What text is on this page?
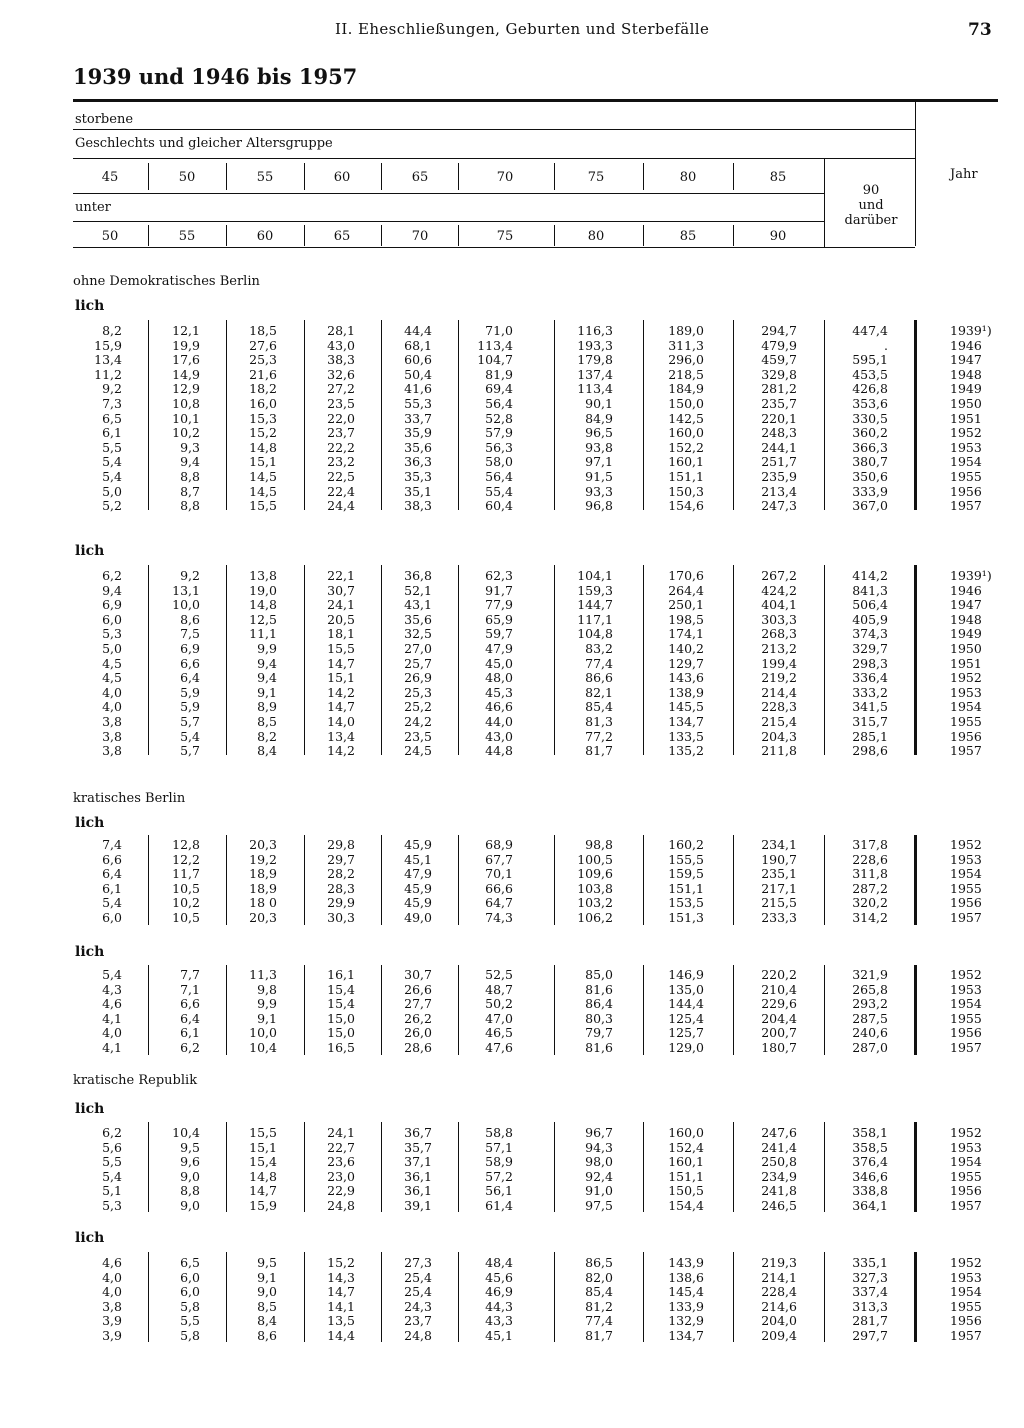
II. Eheschließungen, Geburten und Sterbefälle	73
1939 und 1946 bis 1957
storbene
Geschlechts und gleicher Altersgruppe
45	50	55	60	65	70	75	80	85
unter
50	55	60	65	70	75	80	85	90
90
und
darüber
Jahr
ohne Demokratisches Berlin
lich
8,2	12,1	18,5	28,1	44,4	71,0	116,3	189,0	294,7	447,4	1939¹)
15,9	19,9	27,6	43,0	68,1	113,4	193,3	311,3	479,9	.	1946
13,4	17,6	25,3	38,3	60,6	104,7	179,8	296,0	459,7	595,1	1947
11,2	14,9	21,6	32,6	50,4	81,9	137,4	218,5	329,8	453,5	1948
9,2	12,9	18,2	27,2	41,6	69,4	113,4	184,9	281,2	426,8	1949
7,3	10,8	16,0	23,5	55,3	56,4	90,1	150,0	235,7	353,6	1950
6,5	10,1	15,3	22,0	33,7	52,8	84,9	142,5	220,1	330,5	1951
6,1	10,2	15,2	23,7	35,9	57,9	96,5	160,0	248,3	360,2	1952
5,5	9,3	14,8	22,2	35,6	56,3	93,8	152,2	244,1	366,3	1953
5,4	9,4	15,1	23,2	36,3	58,0	97,1	160,1	251,7	380,7	1954
5,4	8,8	14,5	22,5	35,3	56,4	91,5	151,1	235,9	350,6	1955
5,0	8,7	14,5	22,4	35,1	55,4	93,3	150,3	213,4	333,9	1956
5,2	8,8	15,5	24,4	38,3	60,4	96,8	154,6	247,3	367,0	1957
lich
6,2	9,2	13,8	22,1	36,8	62,3	104,1	170,6	267,2	414,2	1939¹)
9,4	13,1	19,0	30,7	52,1	91,7	159,3	264,4	424,2	841,3	1946
6,9	10,0	14,8	24,1	43,1	77,9	144,7	250,1	404,1	506,4	1947
6,0	8,6	12,5	20,5	35,6	65,9	117,1	198,5	303,3	405,9	1948
5,3	7,5	11,1	18,1	32,5	59,7	104,8	174,1	268,3	374,3	1949
5,0	6,9	9,9	15,5	27,0	47,9	83,2	140,2	213,2	329,7	1950
4,5	6,6	9,4	14,7	25,7	45,0	77,4	129,7	199,4	298,3	1951
4,5	6,4	9,4	15,1	26,9	48,0	86,6	143,6	219,2	336,4	1952
4,0	5,9	9,1	14,2	25,3	45,3	82,1	138,9	214,4	333,2	1953
4,0	5,9	8,9	14,7	25,2	46,6	85,4	145,5	228,3	341,5	1954
3,8	5,7	8,5	14,0	24,2	44,0	81,3	134,7	215,4	315,7	1955
3,8	5,4	8,2	13,4	23,5	43,0	77,2	133,5	204,3	285,1	1956
3,8	5,7	8,4	14,2	24,5	44,8	81,7	135,2	211,8	298,6	1957
kratisches Berlin
lich
7,4	12,8	20,3	29,8	45,9	68,9	98,8	160,2	234,1	317,8	1952
6,6	12,2	19,2	29,7	45,1	67,7	100,5	155,5	190,7	228,6	1953
6,4	11,7	18,9	28,2	47,9	70,1	109,6	159,5	235,1	311,8	1954
6,1	10,5	18,9	28,3	45,9	66,6	103,8	151,1	217,1	287,2	1955
5,4	10,2	18 0	29,9	45,9	64,7	103,2	153,5	215,5	320,2	1956
6,0	10,5	20,3	30,3	49,0	74,3	106,2	151,3	233,3	314,2	1957
lich
5,4	7,7	11,3	16,1	30,7	52,5	85,0	146,9	220,2	321,9	1952
4,3	7,1	9,8	15,4	26,6	48,7	81,6	135,0	210,4	265,8	1953
4,6	6,6	9,9	15,4	27,7	50,2	86,4	144,4	229,6	293,2	1954
4,1	6,4	9,1	15,0	26,2	47,0	80,3	125,4	204,4	287,5	1955
4,0	6,1	10,0	15,0	26,0	46,5	79,7	125,7	200,7	240,6	1956
4,1	6,2	10,4	16,5	28,6	47,6	81,6	129,0	180,7	287,0	1957
kratische Republik
lich
6,2	10,4	15,5	24,1	36,7	58,8	96,7	160,0	247,6	358,1	1952
5,6	9,5	15,1	22,7	35,7	57,1	94,3	152,4	241,4	358,5	1953
5,5	9,6	15,4	23,6	37,1	58,9	98,0	160,1	250,8	376,4	1954
5,4	9,0	14,8	23,0	36,1	57,2	92,4	151,1	234,9	346,6	1955
5,1	8,8	14,7	22,9	36,1	56,1	91,0	150,5	241,8	338,8	1956
5,3	9,0	15,9	24,8	39,1	61,4	97,5	154,4	246,5	364,1	1957
lich
4,6	6,5	9,5	15,2	27,3	48,4	86,5	143,9	219,3	335,1	1952
4,0	6,0	9,1	14,3	25,4	45,6	82,0	138,6	214,1	327,3	1953
4,0	6,0	9,0	14,7	25,4	46,9	85,4	145,4	228,4	337,4	1954
3,8	5,8	8,5	14,1	24,3	44,3	81,2	133,9	214,6	313,3	1955
3,9	5,5	8,4	13,5	23,7	43,3	77,4	132,9	204,0	281,7	1956
3,9	5,8	8,6	14,4	24,8	45,1	81,7	134,7	209,4	297,7	1957
